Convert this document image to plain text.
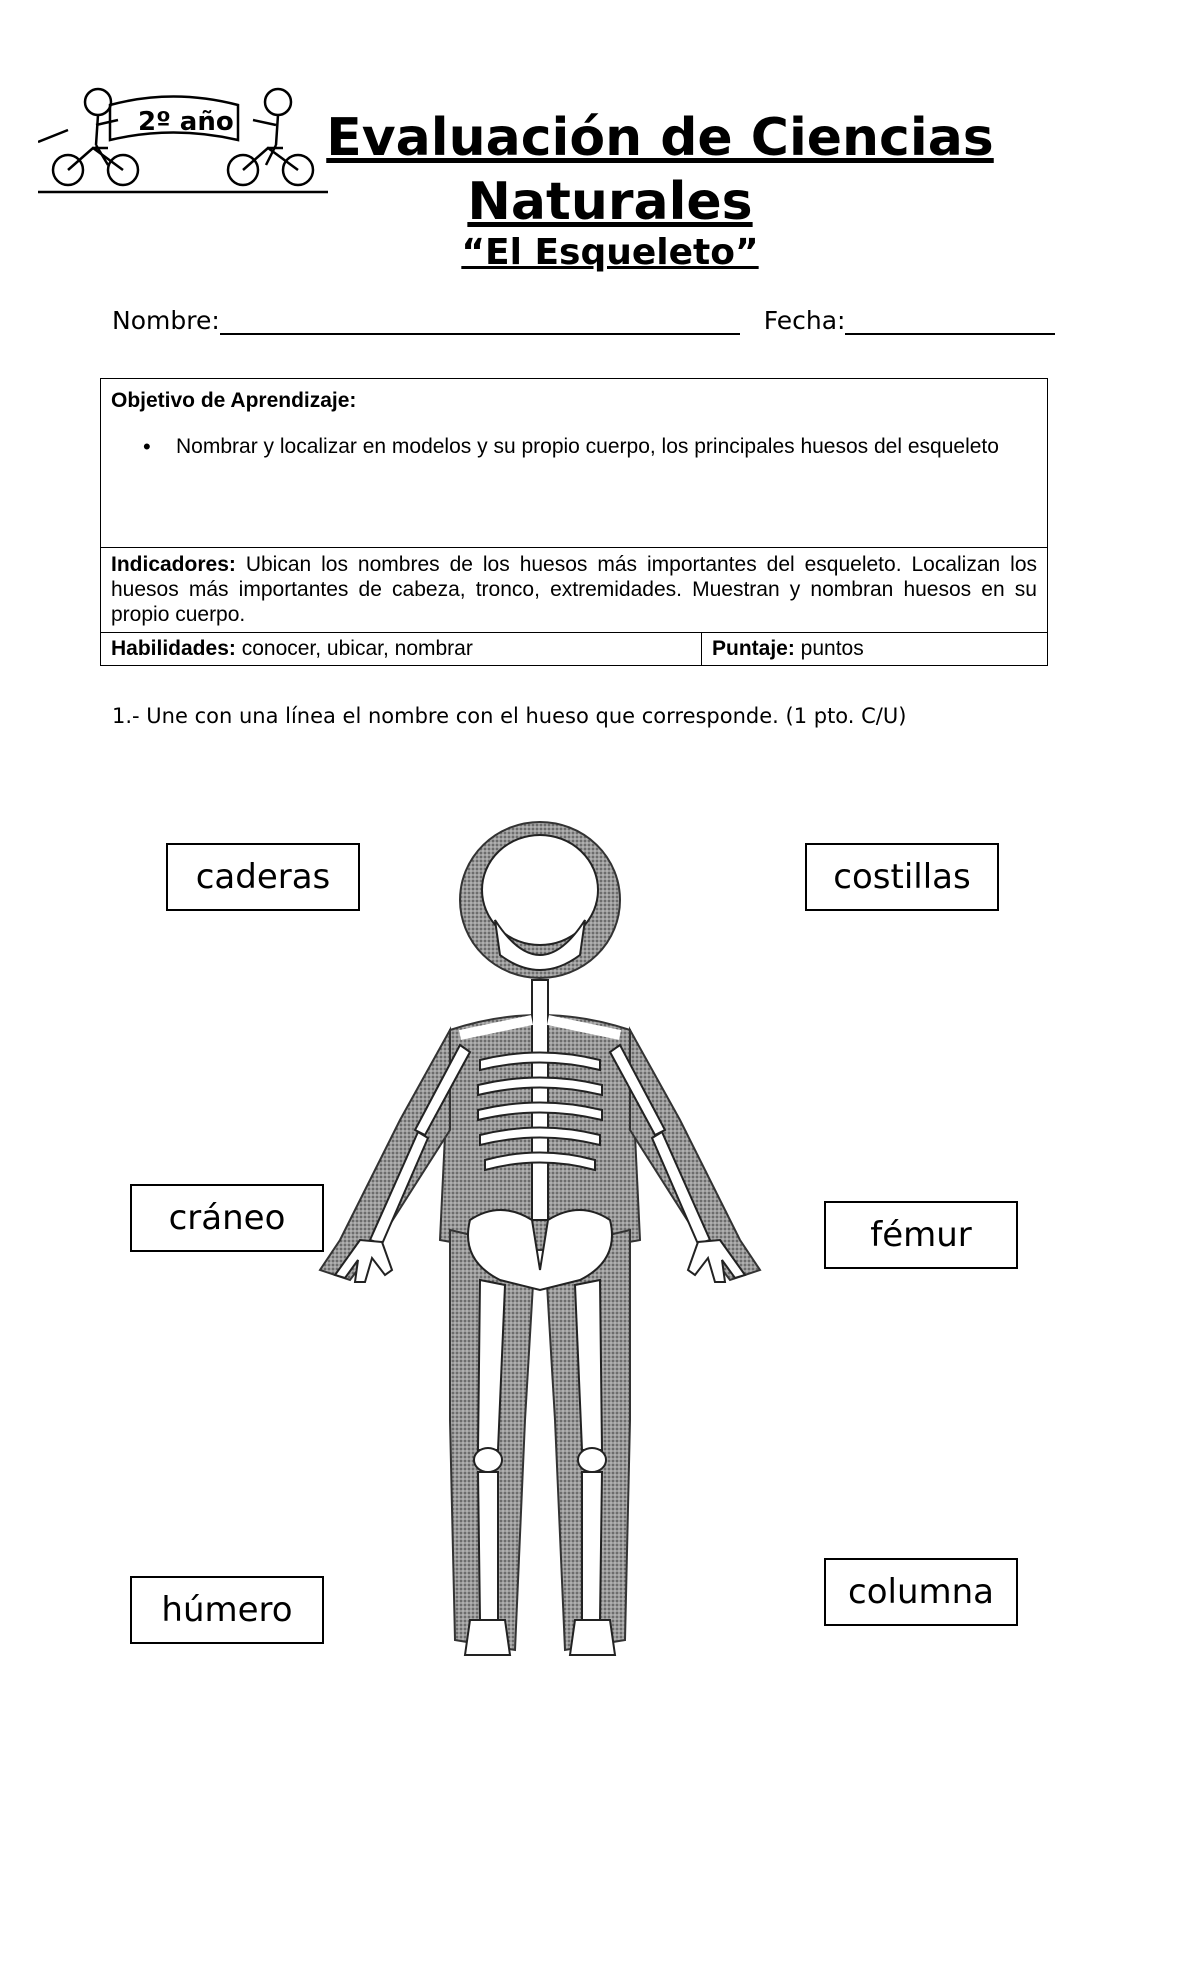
2º año	Evaluación de Ciencias
Naturales
“El Esqueleto”
Nombre:	Fecha:
Objetivo de Aprendizaje:
• Nombrar y localizar en modelos y su propio cuerpo, los principales huesos del esqueleto

Indicadores: Ubican los nombres de los huesos más importantes del esqueleto. Localizan los huesos más importantes de cabeza, tronco, extremidades. Muestran y nombran huesos en su propio cuerpo.
Habilidades: conocer, ubicar, nombrar	Puntaje: puntos
1.- Une con una línea el nombre con el hueso que corresponde. (1 pto. C/U)
caderas	costillas
cráneo	fémur
húmero	columna
